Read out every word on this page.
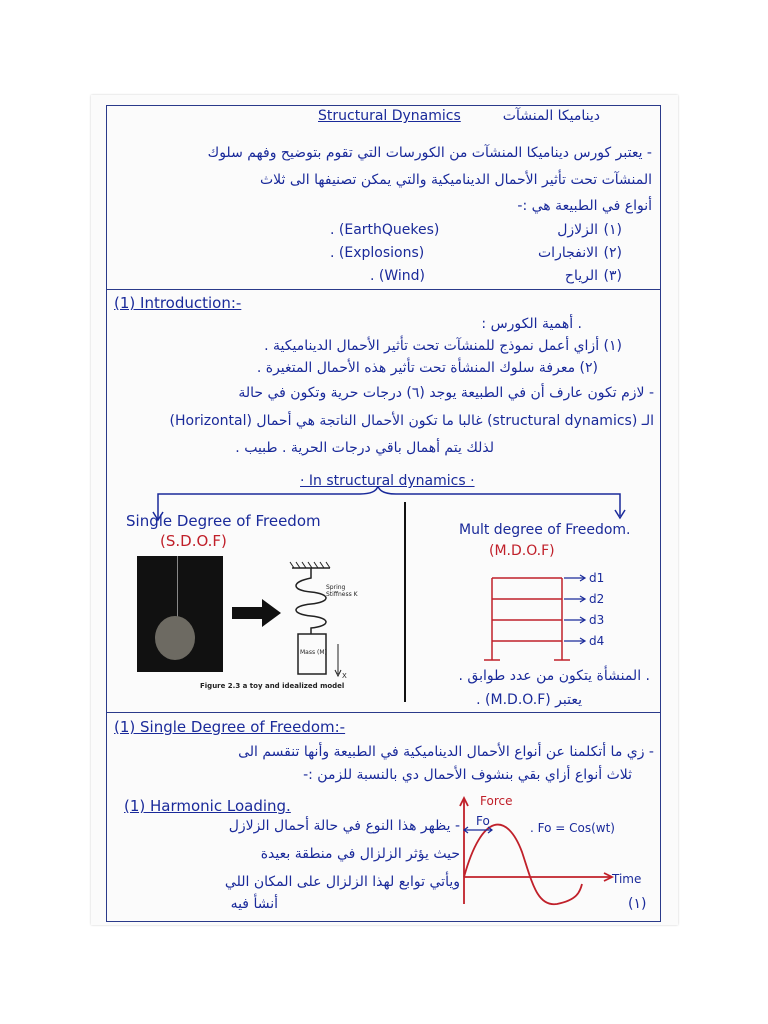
Structural Dynamics	ديناميكا المنشآت
- يعتبر كورس ديناميكا المنشآت من الكورسات التي تقوم بتوضيح وفهم سلوك
المنشآت تحت تأثير الأحمال الديناميكية والتي يمكن تصنيفها الى ثلاث
أنواع في الطبيعة هي :-
. (EarthQuekes)	الزلازل (١)
. (Explosions)	الانفجارات (٢)
. (Wind)	الرياح (٣)
(1) Introduction:-
. أهمية الكورس :
(١) أزاي أعمل نموذج للمنشآت تحت تأثير الأحمال الديناميكية .
(٢) معرفة سلوك المنشأة تحت تأثير هذه الأحمال المتغيرة .
- لازم تكون عارف أن في الطبيعة يوجد (٦) درجات حرية وتكون في حالة
الـ (structural dynamics) غالبا ما تكون الأحمال الناتجة هي أحمال (Horizontal)
لذلك يتم أهمال باقي درجات الحرية . طبيب .
· In structural dynamics ·
Single Degree of Freedom
(S.D.O.F)
Mult degree of Freedom.
(M.D.O.F)
Spring Stiffness K
Mass (M)
X
Figure 2.3 a toy and idealized model
d1
d2
d3
d4
. المنشأة يتكون من عدد طوابق .
يعتبر (M.D.O.F) .
(1) Single Degree of Freedom:-
- زي ما أتكلمنا عن أنواع الأحمال الديناميكية في الطبيعة وأنها تنقسم الى
ثلاث أنواع أزاي بقي بنشوف الأحمال دي بالنسبة للزمن :-
(1) Harmonic Loading.
- يظهر هذا النوع في حالة أحمال الزلازل
حيث يؤثر الزلزال في منطقة بعيدة
ويأتي توابع لهذا الزلزال على المكان اللي
أنشأ فيه
Force
Fo	. Fo = Cos(wt)
Time
(١)
